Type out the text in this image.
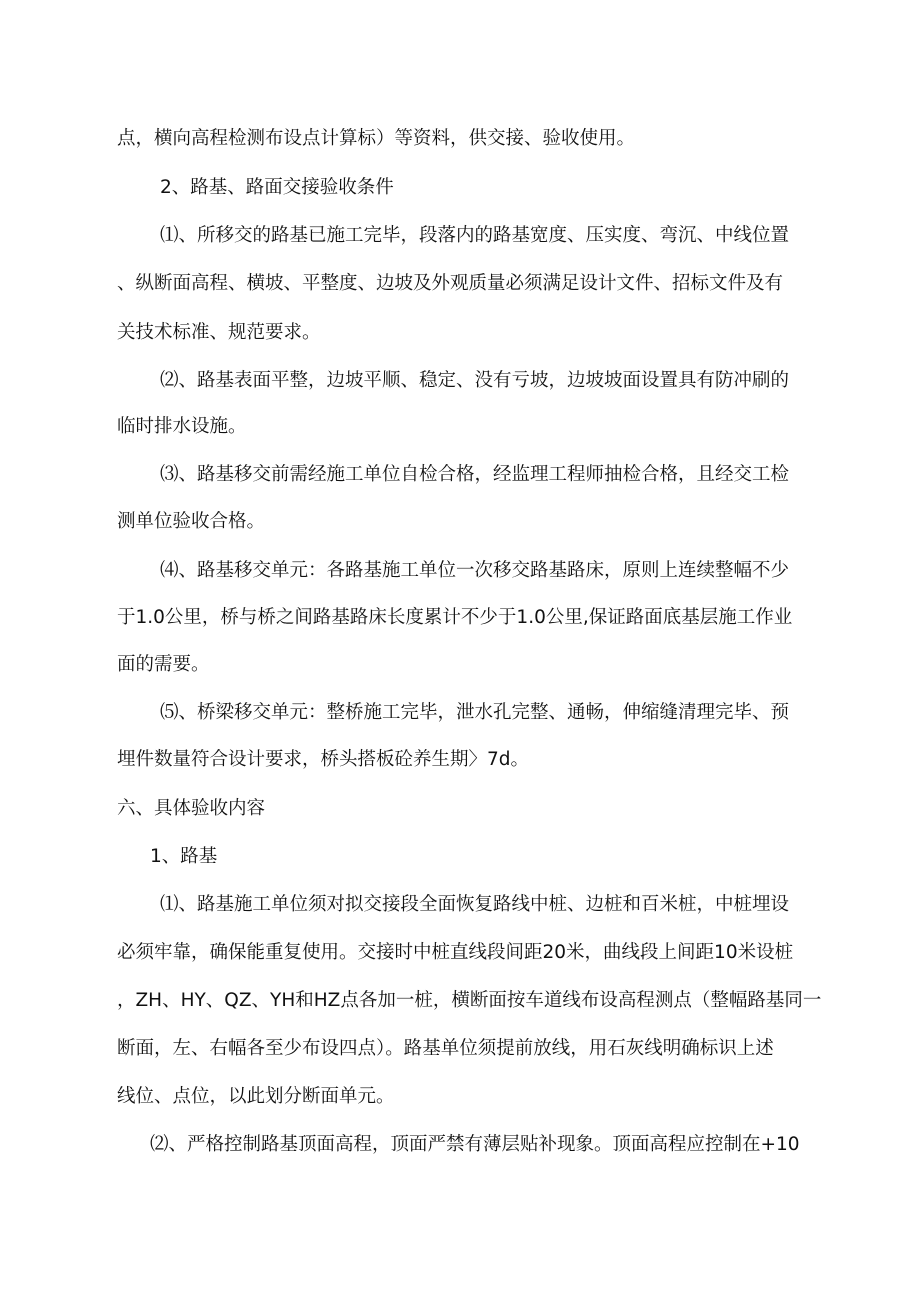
点，横向高程检测布设点计算标）等资料，供交接、验收使用。
2、路基、路面交接验收条件
⑴、所移交的路基已施工完毕，段落内的路基宽度、压实度、弯沉、中线位置
、纵断面高程、横坡、平整度、边坡及外观质量必须满足设计文件、招标文件及有
关技术标准、规范要求。
⑵、路基表面平整，边坡平顺、稳定、没有亏坡，边坡坡面设置具有防冲刷的
临时排水设施。
⑶、路基移交前需经施工单位自检合格，经监理工程师抽检合格，且经交工检
测单位验收合格。
⑷、路基移交单元：各路基施工单位一次移交路基路床，原则上连续整幅不少
于1.0公里，桥与桥之间路基路床长度累计不少于1.0公里,保证路面底基层施工作业
面的需要。
⑸、桥梁移交单元：整桥施工完毕，泄水孔完整、通畅，伸缩缝清理完毕、预
埋件数量符合设计要求，桥头搭板砼养生期〉7d。
六、具体验收内容
1、路基
⑴、路基施工单位须对拟交接段全面恢复路线中桩、边桩和百米桩，中桩埋设
必须牢靠，确保能重复使用。交接时中桩直线段间距20米，曲线段上间距10米设桩
，ZH、HY、QZ、YH和HZ点各加一桩，横断面按车道线布设高程测点（整幅路基同一
断面，左、右幅各至少布设四点）。路基单位须提前放线，用石灰线明确标识上述
线位、点位，以此划分断面单元。
⑵、严格控制路基顶面高程，顶面严禁有薄层贴补现象。顶面高程应控制在+10
